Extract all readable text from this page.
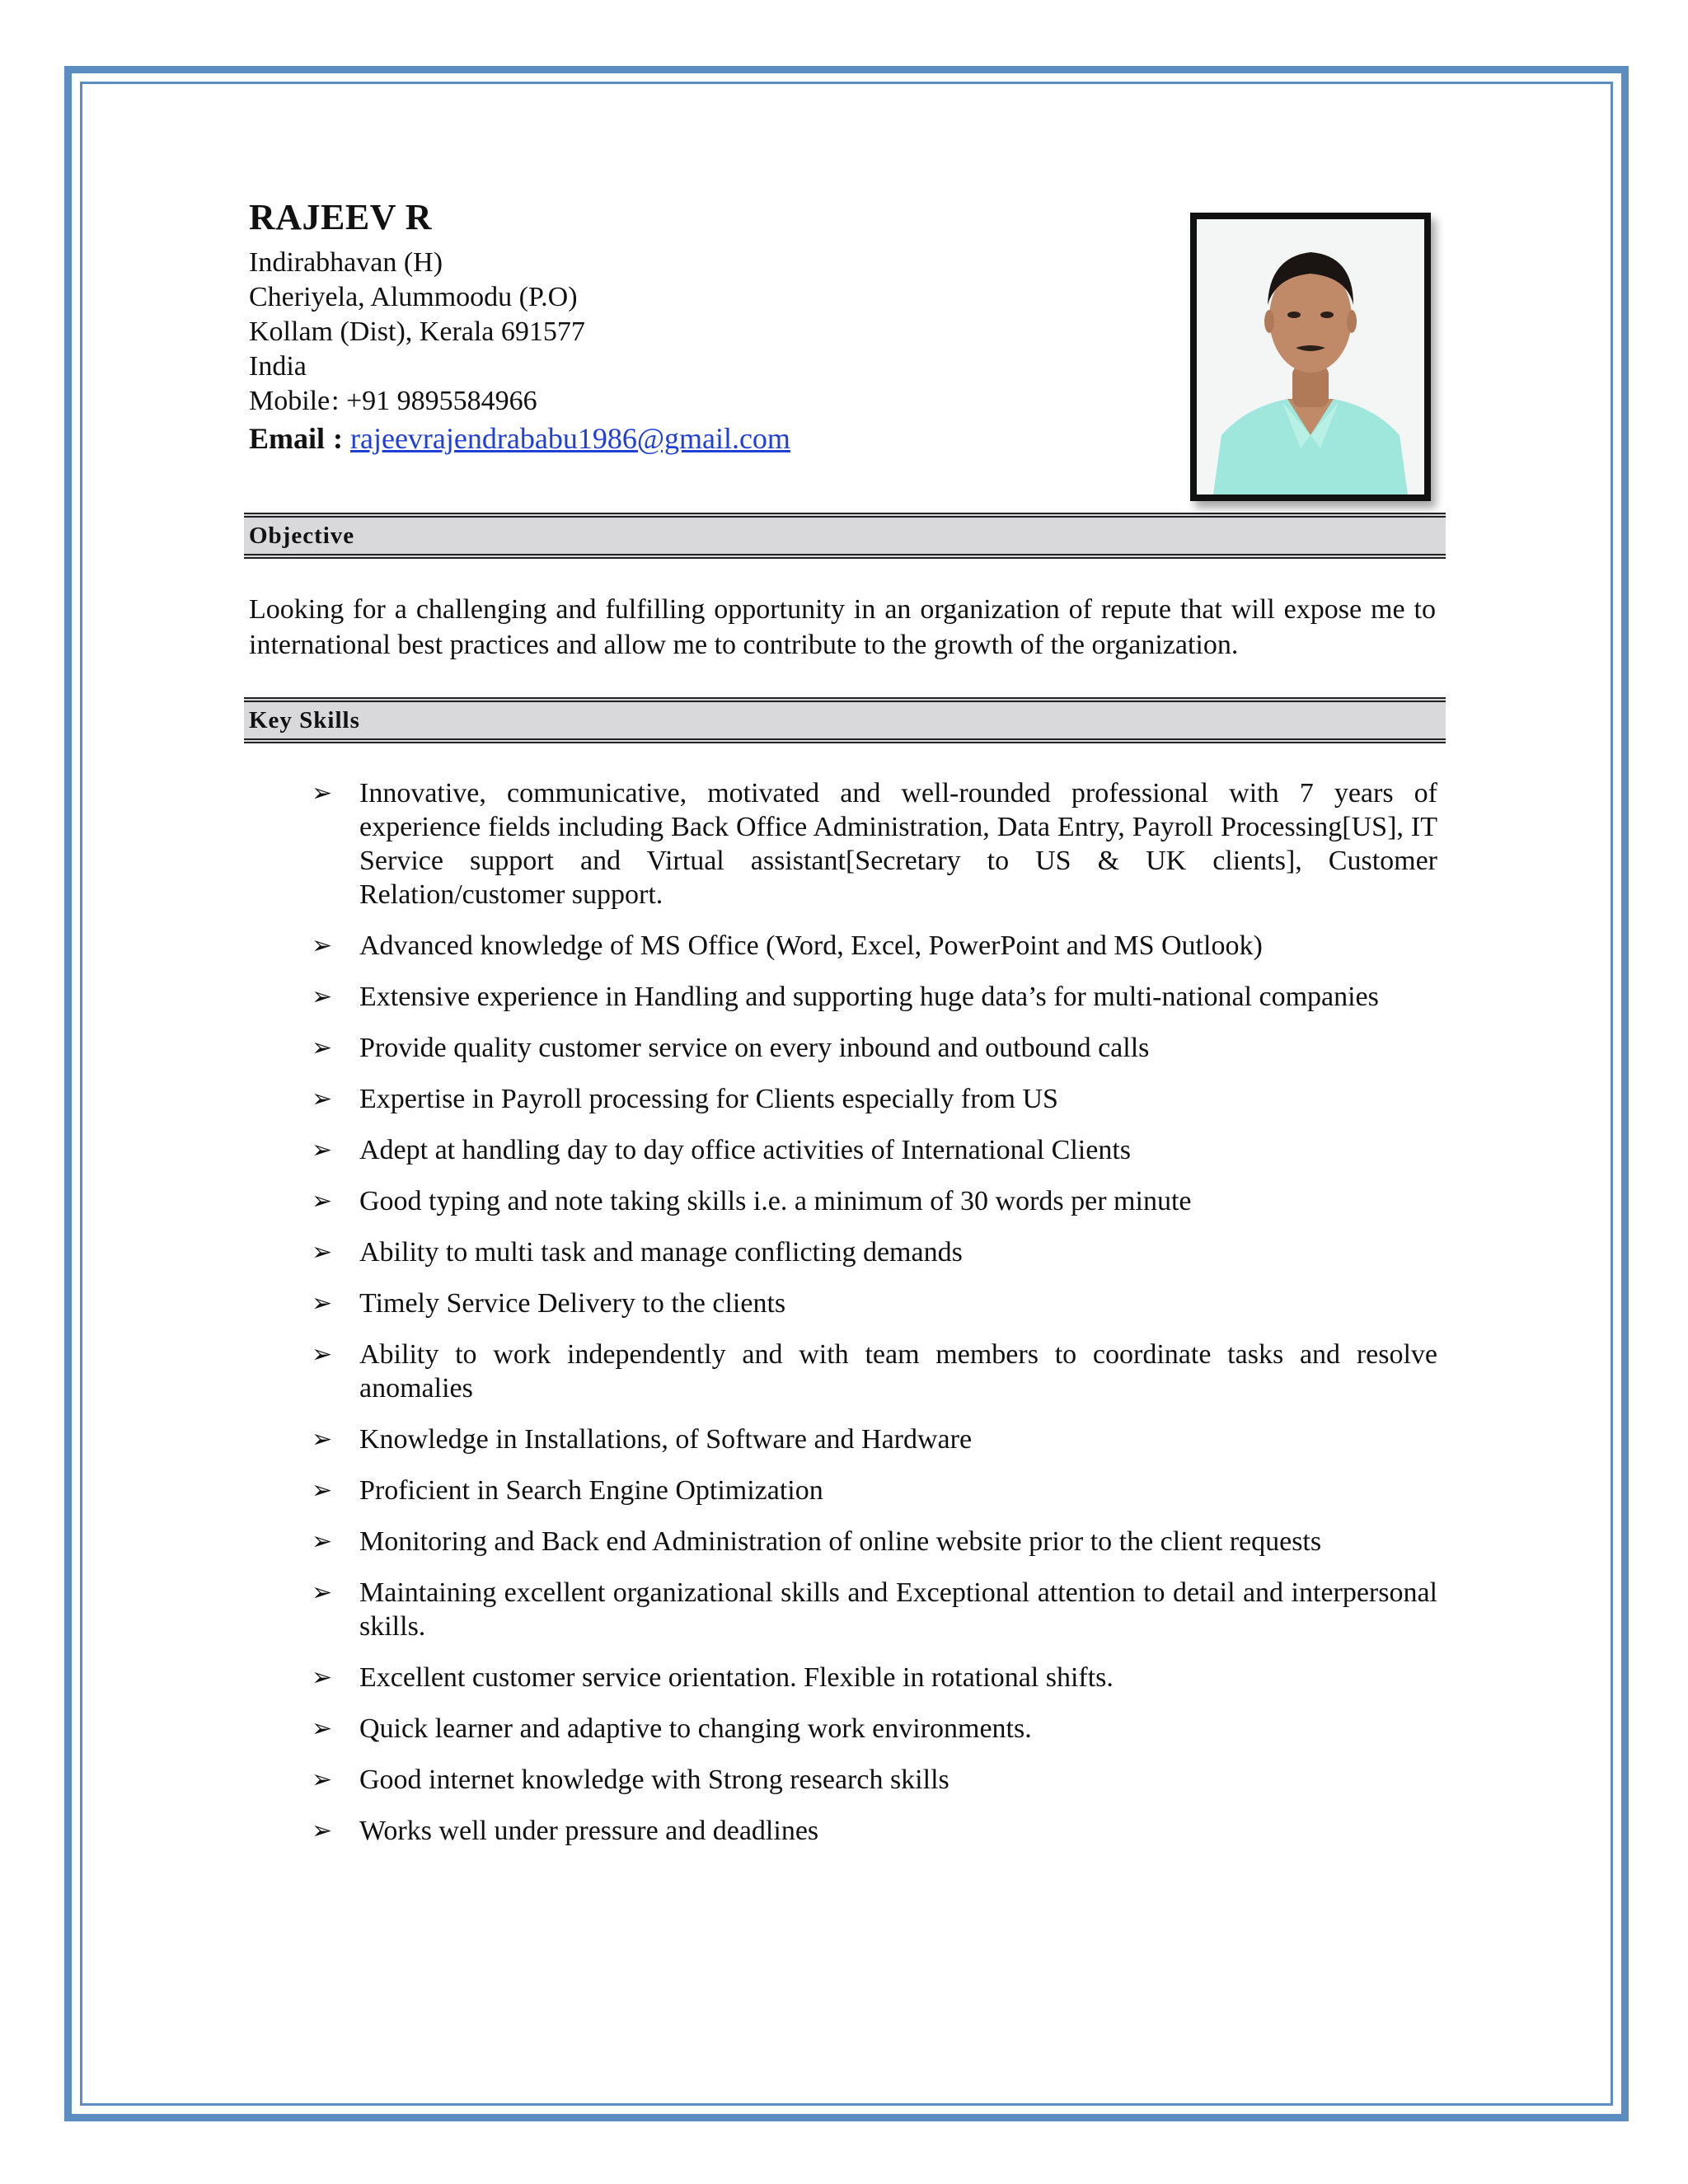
RAJEEV R
Indirabhavan (H)
Cheriyela, Alummoodu (P.O)
Kollam (Dist), Kerala 691577
India
Mobile: +91 9895584966
Email : rajeevrajendrababu1986@gmail.com
Objective
Looking for a challenging and fulfilling opportunity in an organization of repute that will expose me to international best practices and allow me to contribute to the growth of the organization.
Key Skills
➢ Innovative, communicative, motivated and well-rounded professional with 7 years of experience fields including Back Office Administration, Data Entry, Payroll Processing[US], IT Service support and Virtual assistant[Secretary to US & UK clients], Customer Relation/customer support.
➢ Advanced knowledge of MS Office (Word, Excel, PowerPoint and MS Outlook)
➢ Extensive experience in Handling and supporting huge data’s for multi-national companies
➢ Provide quality customer service on every inbound and outbound calls
➢ Expertise in Payroll processing for Clients especially from US
➢ Adept at handling day to day office activities of International Clients
➢ Good typing and note taking skills i.e. a minimum of 30 words per minute
➢ Ability to multi task and manage conflicting demands
➢ Timely Service Delivery to the clients
➢ Ability to work independently and with team members to coordinate tasks and resolve anomalies
➢ Knowledge in Installations, of Software and Hardware
➢ Proficient in Search Engine Optimization
➢ Monitoring and Back end Administration of online website prior to the client requests
➢ Maintaining excellent organizational skills and Exceptional attention to detail and interpersonal skills.
➢ Excellent customer service orientation. Flexible in rotational shifts.
➢ Quick learner and adaptive to changing work environments.
➢ Good internet knowledge with Strong research skills
➢ Works well under pressure and deadlines
